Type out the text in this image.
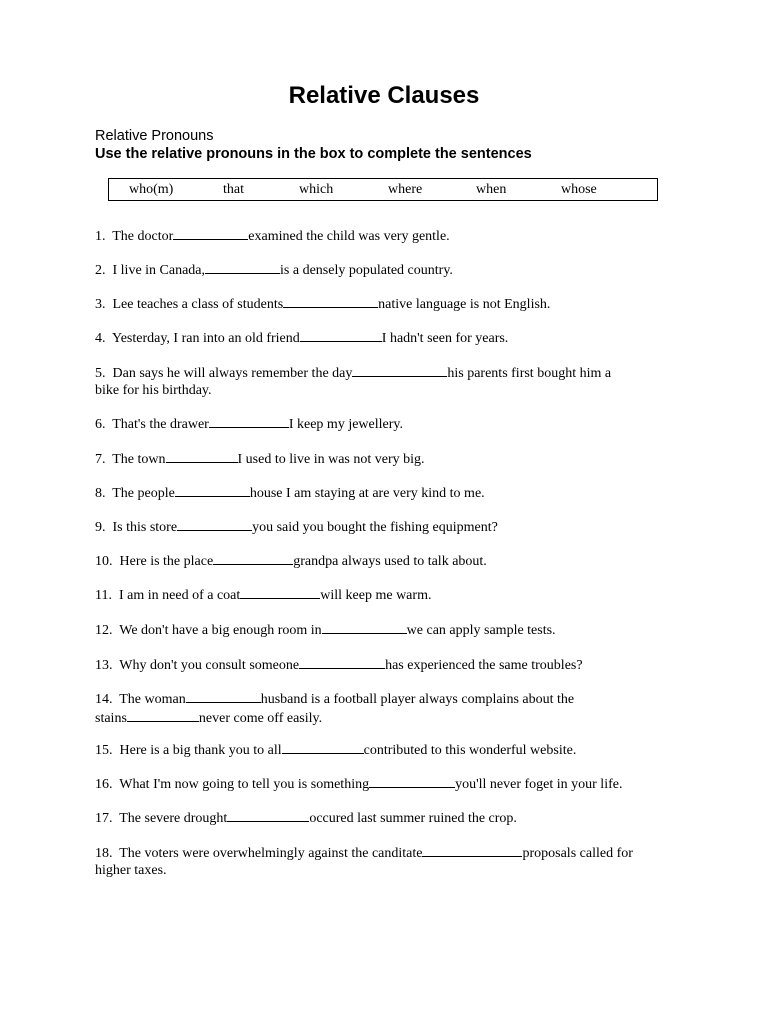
Relative Clauses
Relative Pronouns
Use the relative pronouns in the box to complete the sentences
who(m)	that	which	where	when	whose
1. The doctor	examined the child was very gentle.
2. I live in Canada,	is a densely populated country.
3. Lee teaches a class of students	native language is not English.
4. Yesterday, I ran into an old friend	I hadn't seen for years.
5. Dan says he will always remember the day	his parents first bought him a
bike for his birthday.
6. That's the drawer	I keep my jewellery.
7. The town	I used to live in was not very big.
8. The people	house I am staying at are very kind to me.
9. Is this store	you said you bought the fishing equipment?
10. Here is the place	grandpa always used to talk about.
11. I am in need of a coat	will keep me warm.
12. We don't have a big enough room in	we can apply sample tests.
13. Why don't you consult someone	has experienced the same troubles?
14. The woman	husband is a football player always complains about the
stains	never come off easily.
15. Here is a big thank you to all	contributed to this wonderful website.
16. What I'm now going to tell you is something	you'll never foget in your life.
17. The severe drought	occured last summer ruined the crop.
18. The voters were overwhelmingly against the canditate	proposals called for
higher taxes.
